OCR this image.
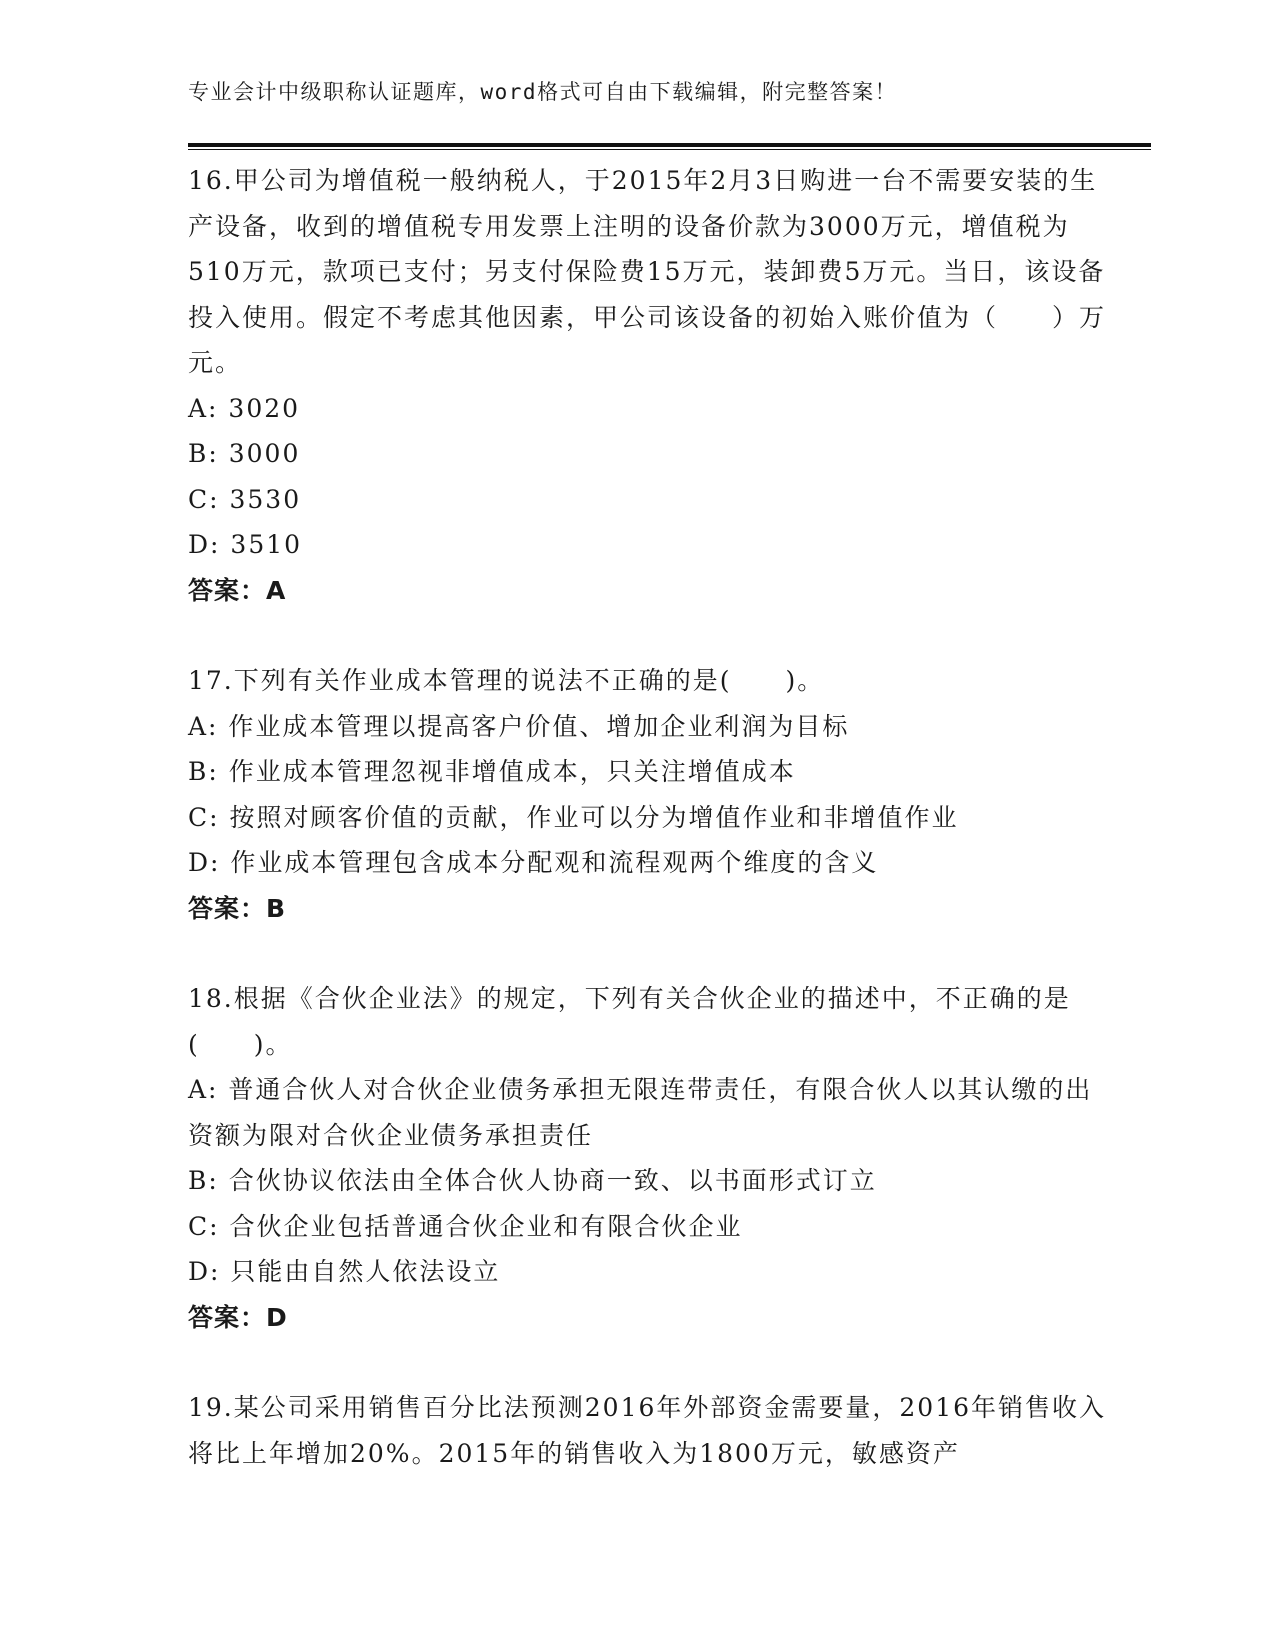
专业会计中级职称认证题库，word格式可自由下载编辑，附完整答案！

16.甲公司为增值税一般纳税人，于2015年2月3日购进一台不需要安装的生产设备，收到的增值税专用发票上注明的设备价款为3000万元，增值税为510万元，款项已支付；另支付保险费15万元，装卸费5万元。当日，该设备投入使用。假定不考虑其他因素，甲公司该设备的初始入账价值为（　　）万元。

A: 3020

B: 3000

C: 3530

D: 3510

答案：A

17.下列有关作业成本管理的说法不正确的是(　　)。

A: 作业成本管理以提高客户价值、增加企业利润为目标

B: 作业成本管理忽视非增值成本，只关注增值成本

C: 按照对顾客价值的贡献，作业可以分为增值作业和非增值作业

D: 作业成本管理包含成本分配观和流程观两个维度的含义

答案：B

18.根据《合伙企业法》的规定，下列有关合伙企业的描述中，不正确的是(　　)。

A: 普通合伙人对合伙企业债务承担无限连带责任，有限合伙人以其认缴的出资额为限对合伙企业债务承担责任

B: 合伙协议依法由全体合伙人协商一致、以书面形式订立

C: 合伙企业包括普通合伙企业和有限合伙企业

D: 只能由自然人依法设立

答案：D

19.某公司采用销售百分比法预测2016年外部资金需要量，2016年销售收入将比上年增加20%。2015年的销售收入为1800万元，敏感资产
